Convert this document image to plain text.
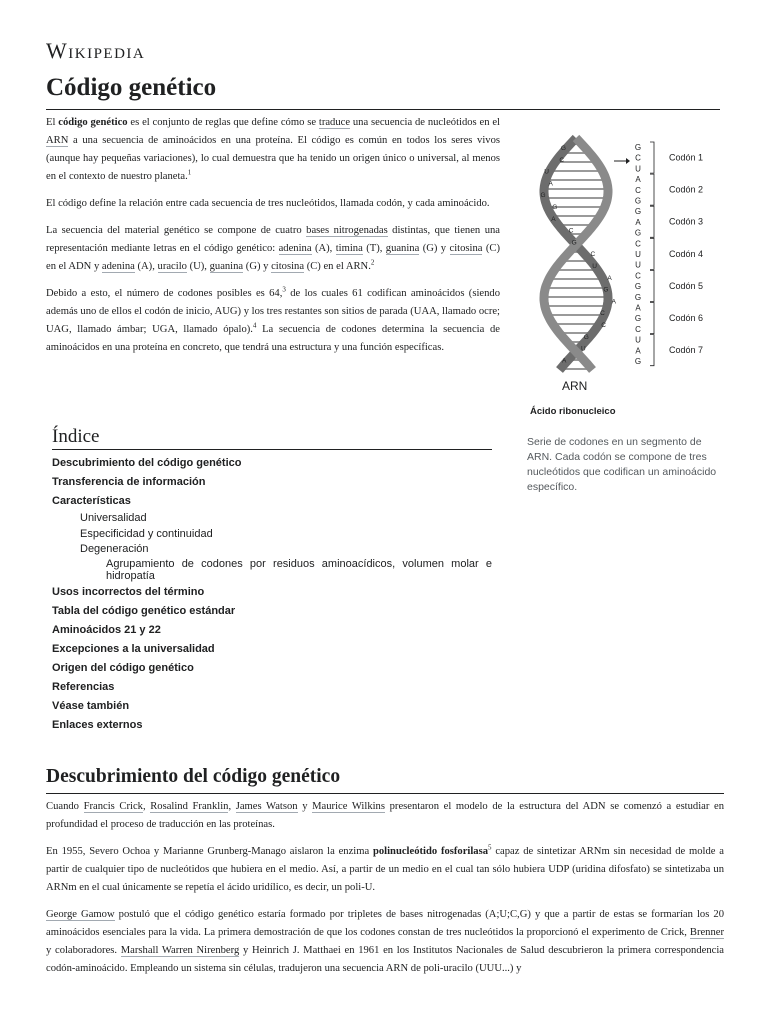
Wikipedia
Código genético

El código genético es el conjunto de reglas que define cómo se traduce una secuencia de nucleótidos en el ARN a una secuencia de aminoácidos en una proteína. El código es común en todos los seres vivos (aunque hay pequeñas variaciones), lo cual demuestra que ha tenido un origen único o universal, al menos en el contexto de nuestro planeta.$^1$

El código define la relación entre cada secuencia de tres nucleótidos, llamada codón, y cada aminoácido.

La secuencia del material genético se compone de cuatro bases nitrogenadas distintas, que tienen una representación mediante letras en el código genético: adenina (A), timina (T), guanina (G) y citosina (C) en el ADN y adenina (A), uracilo (U), guanina (G) y citosina (C) en el ARN.$^2$

Debido a esto, el número de codones posibles es 64,$^3$ de los cuales 61 codifican aminoácidos (siendo además uno de ellos el codón de inicio, AUG) y los tres restantes son sitios de parada (UAA, llamado ocre; UAG, llamado ámbar; UGA, llamado ópalo).$^4$ La secuencia de codones determina la secuencia de aminoácidos en una proteína en concreto, que tendrá una estructura y una función específicas.

G
C
U
A
G
G
A
C
G
C
U
A
G
A
C
C
G
U
A
G
C
U
A
C
G
G
A
G
C
U
U
C
G
G
A
G
C
U
A
G
Codón 1
Codón 2
Codón 3
Codón 4
Codón 5
Codón 6
Codón 7
ARN
Ácido ribonucleico
Serie de codones en un segmento de ARN. Cada codón se compone de tres nucleótidos que codifican un aminoácido específico.
Índice
Descubrimiento del código genético
Transferencia de información
Características
Universalidad
Especificidad y continuidad
Degeneración
Agrupamiento de codones por residuos aminoacídicos, volumen molar e hidropatía
Usos incorrectos del término
Tabla del código genético estándar
Aminoácidos 21 y 22
Excepciones a la universalidad
Origen del código genético
Referencias
Véase también
Enlaces externos
Descubrimiento del código genético

Cuando Francis Crick, Rosalind Franklin, James Watson y Maurice Wilkins presentaron el modelo de la estructura del ADN se comenzó a estudiar en profundidad el proceso de traducción en las proteínas.

En 1955, Severo Ochoa y Marianne Grunberg-Manago aislaron la enzima polinucleótido fosforilasa$^5$ capaz de sintetizar ARNm sin necesidad de molde a partir de cualquier tipo de nucleótidos que hubiera en el medio. Así, a partir de un medio en el cual tan sólo hubiera UDP (uridina difosfato) se sintetizaba un ARNm en el cual únicamente se repetía el ácido uridílico, es decir, un poli-U.

George Gamow postuló que el código genético estaría formado por tripletes de bases nitrogenadas (A;U;C,G) y que a partir de estas se formarían los 20 aminoácidos esenciales para la vida. La primera demostración de que los codones constan de tres nucleótidos la proporcionó el experimento de Crick, Brenner y colaboradores. Marshall Warren Nirenberg y Heinrich J. Matthaei en 1961 en los Institutos Nacionales de Salud descubrieron la primera correspondencia codón-aminoácido. Empleando un sistema sin células, tradujeron una secuencia ARN de poli-uracilo (UUU...) y
